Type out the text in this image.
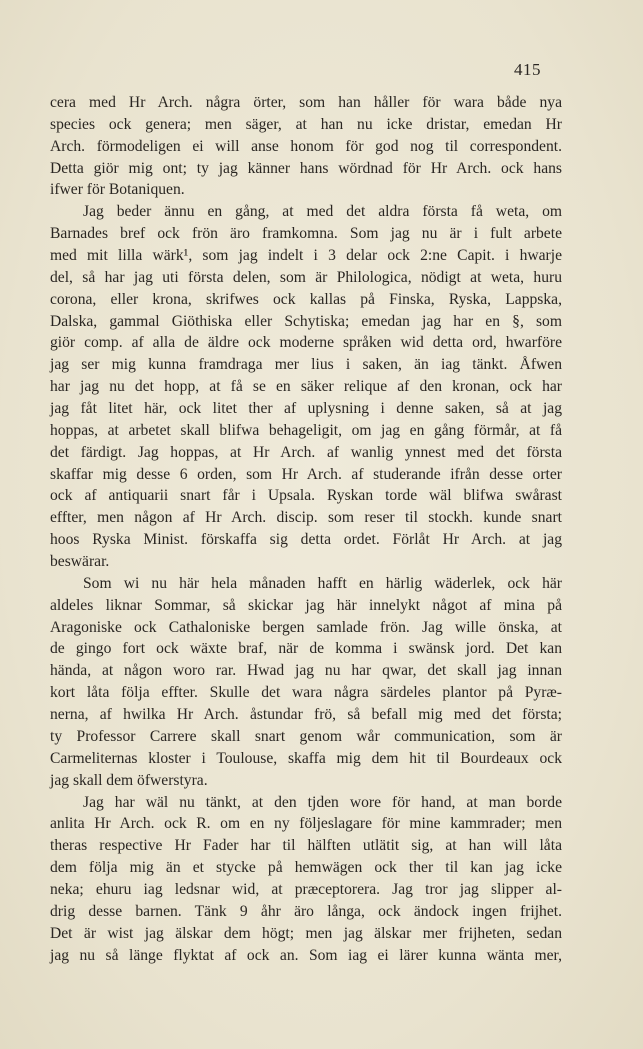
415
cera med Hr Arch. några örter, som han håller för wara både nya
species ock genera; men säger, at han nu icke dristar, emedan Hr
Arch. förmodeligen ei will anse honom för god nog til correspondent.
Detta giör mig ont; ty jag känner hans wördnad för Hr Arch. ock hans
ifwer för Botaniquen.
Jag beder ännu en gång, at med det aldra första få weta, om
Barnades bref ock frön äro framkomna. Som jag nu är i fult arbete
med mit lilla wärk¹, som jag indelt i 3 delar ock 2:ne Capit. i hwarje
del, så har jag uti första delen, som är Philologica, nödigt at weta, huru
corona, eller krona, skrifwes ock kallas på Finska, Ryska, Lappska,
Dalska, gammal Giöthiska eller Schytiska; emedan jag har en §, som
giör comp. af alla de äldre ock moderne språken wid detta ord, hwarföre
jag ser mig kunna framdraga mer lius i saken, än iag tänkt. Åfwen
har jag nu det hopp, at få se en säker relique af den kronan, ock har
jag fåt litet här, ock litet ther af uplysning i denne saken, så at jag
hoppas, at arbetet skall blifwa behageligit, om jag en gång förmår, at få
det färdigt. Jag hoppas, at Hr Arch. af wanlig ynnest med det första
skaffar mig desse 6 orden, som Hr Arch. af studerande ifrån desse orter
ock af antiquarii snart får i Upsala. Ryskan torde wäl blifwa swårast
effter, men någon af Hr Arch. discip. som reser til stockh. kunde snart
hoos Ryska Minist. förskaffa sig detta ordet. Förlåt Hr Arch. at jag
beswärar.
Som wi nu här hela månaden hafft en härlig wäderlek, ock här
aldeles liknar Sommar, så skickar jag här innelykt något af mina på
Aragoniske ock Cathaloniske bergen samlade frön. Jag wille önska, at
de gingo fort ock wäxte braf, när de komma i swänsk jord. Det kan
hända, at någon woro rar. Hwad jag nu har qwar, det skall jag innan
kort låta följa effter. Skulle det wara några särdeles plantor på Pyræ-
nerna, af hwilka Hr Arch. åstundar frö, så befall mig med det första;
ty Professor Carrere skall snart genom wår communication, som är
Carmeliternas kloster i Toulouse, skaffa mig dem hit til Bourdeaux ock
jag skall dem öfwerstyra.
Jag har wäl nu tänkt, at den tjden wore för hand, at man borde
anlita Hr Arch. ock R. om en ny följeslagare för mine kammrader; men
theras respective Hr Fader har til hälften utlätit sig, at han will låta
dem följa mig än et stycke på hemwägen ock ther til kan jag icke
neka; ehuru iag ledsnar wid, at præceptorera. Jag tror jag slipper al-
drig desse barnen. Tänk 9 åhr äro långa, ock ändock ingen frijhet.
Det är wist jag älskar dem högt; men jag älskar mer frijheten, sedan
jag nu så länge flyktat af ock an. Som iag ei lärer kunna wänta mer,
